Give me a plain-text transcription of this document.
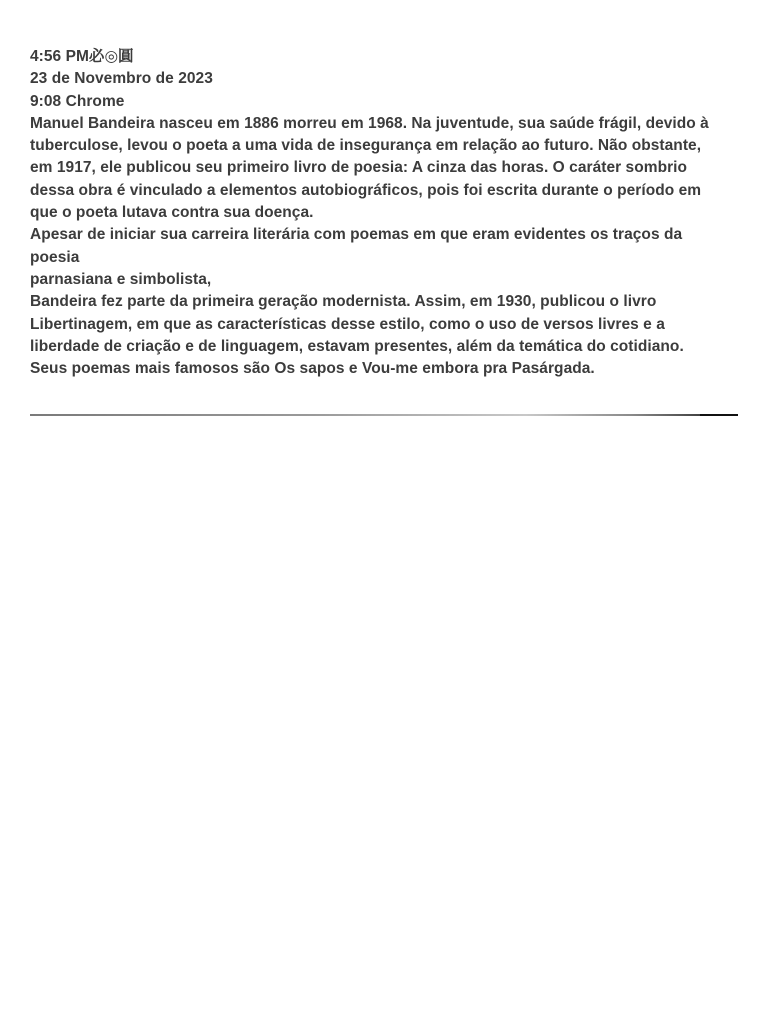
4:56 PM必◎圓
23 de Novembro de 2023
9:08 Chrome
Manuel Bandeira nasceu em 1886 morreu em 1968. Na juventude, sua saúde frágil, devido à
tuberculose, levou o poeta a uma vida de insegurança em relação ao futuro. Não obstante,
em 1917, ele publicou seu primeiro livro de poesia: A cinza das horas. O caráter sombrio
dessa obra é vinculado a elementos autobiográficos, pois foi escrita durante o período em
que o poeta lutava contra sua doença.
Apesar de iniciar sua carreira literária com poemas em que eram evidentes os traços da
poesia
parnasiana e simbolista,
Bandeira fez parte da primeira geração modernista. Assim, em 1930, publicou o livro
Libertinagem, em que as características desse estilo, como o uso de versos livres e a
liberdade de criação e de linguagem, estavam presentes, além da temática do cotidiano.
Seus poemas mais famosos são Os sapos e Vou-me embora pra Pasárgada.
